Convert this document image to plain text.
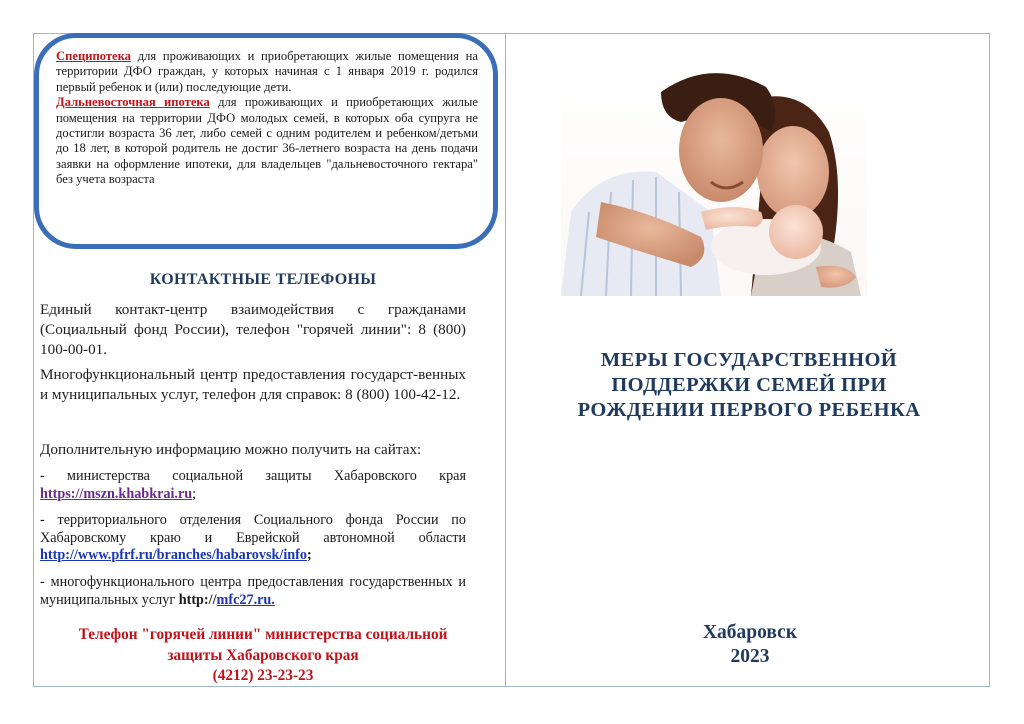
Специпотека для проживающих и приобретающих жилые помещения на территории ДФО граждан, у которых начиная с 1 января 2019 г. родился первый ребенок и (или) последующие дети.

Дальневосточная ипотека для проживающих и приобретающих жилые помещения на территории ДФО молодых семей, в которых оба супруга не достигли возраста 36 лет, либо семей с одним родителем и ребенком/детьми до 18 лет, в которой родитель не достиг 36-летнего возраста на день подачи заявки на оформление ипотеки, для владельцев "дальневосточного гектара" без учета возраста

КОНТАКТНЫЕ ТЕЛЕФОНЫ
Единый контакт-центр взаимодействия с гражданами (Социальный фонд России), телефон "горячей линии": 8 (800) 100-00-01.
Многофункциональный центр предоставления государст-венных и муниципальных услуг, телефон для справок: 8 (800) 100-42-12.
Дополнительную информацию можно получить на сайтах:
- министерства социальной защиты Хабаровского края https://mszn.khabkrai.ru;
- территориального отделения Социального фонда России по Хабаровскому краю и Еврейской автономной области http://www.pfrf.ru/branches/habarovsk/info;
- многофункционального центра предоставления государственных и муниципальных услуг http://mfc27.ru.
Телефон "горячей линии" министерства социальной
защиты Хабаровского края
(4212) 23-23-23
МЕРЫ ГОСУДАРСТВЕННОЙ
ПОДДЕРЖКИ СЕМЕЙ ПРИ
РОЖДЕНИИ ПЕРВОГО РЕБЕНКА
Хабаровск
2023
